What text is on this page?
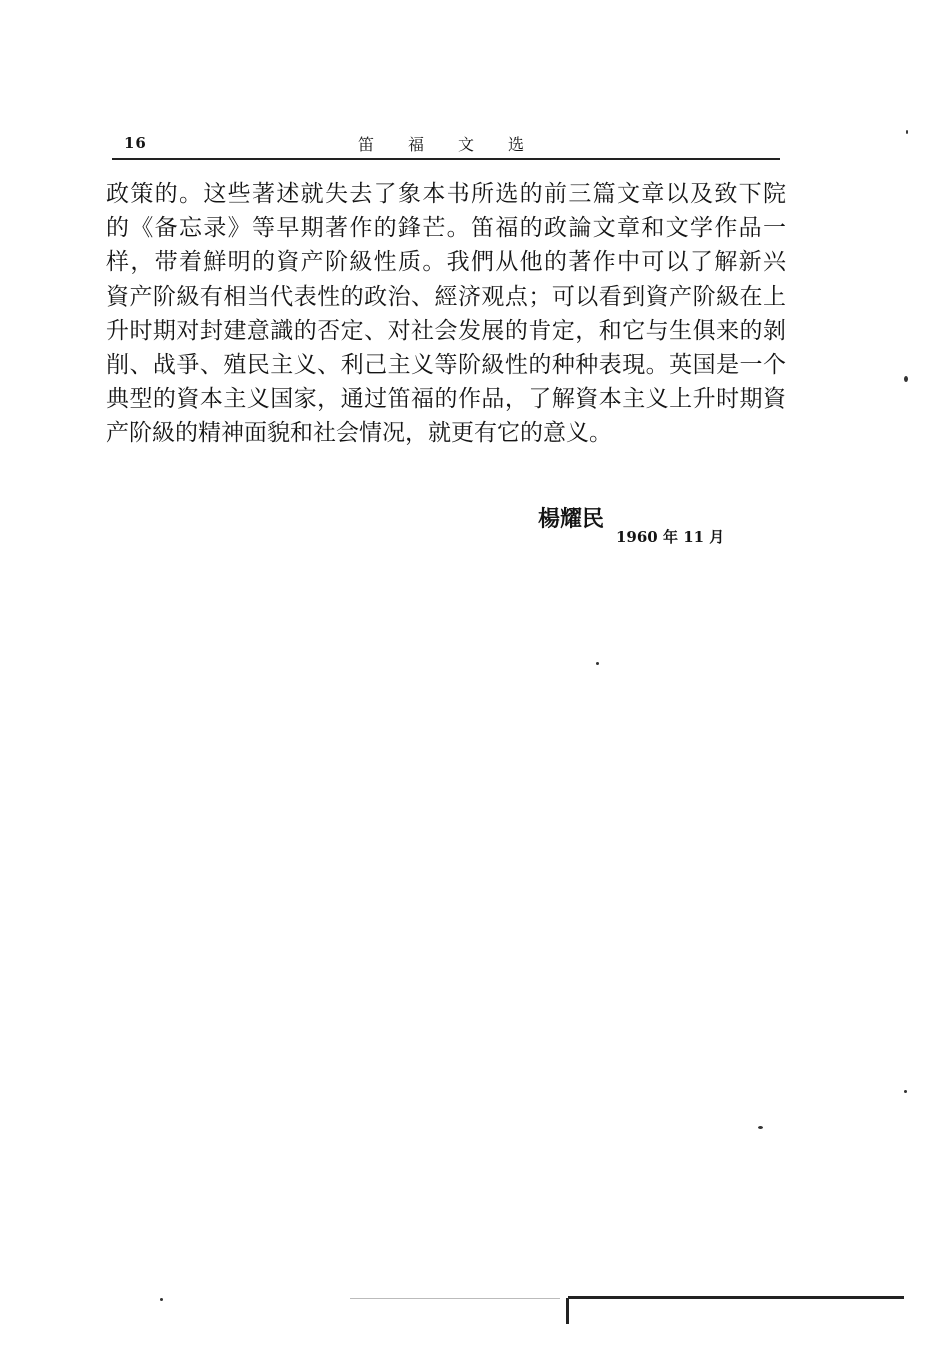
16	笛福文选
政策的。这些著述就失去了象本书所选的前三篇文章以及致下院
的《备忘录》等早期著作的鋒芒。笛福的政論文章和文学作品一
样，带着鮮明的資产阶級性质。我們从他的著作中可以了解新兴
資产阶級有相当代表性的政治、經济观点；可以看到資产阶級在上
升时期对封建意識的否定、对社会发展的肯定，和它与生俱来的剝
削、战爭、殖民主义、利己主义等阶級性的种种表現。英国是一个
典型的資本主义国家，通过笛福的作品，了解資本主义上升时期資
产阶級的精神面貌和社会情况，就更有它的意义。
楊耀民
1960 年 11 月
